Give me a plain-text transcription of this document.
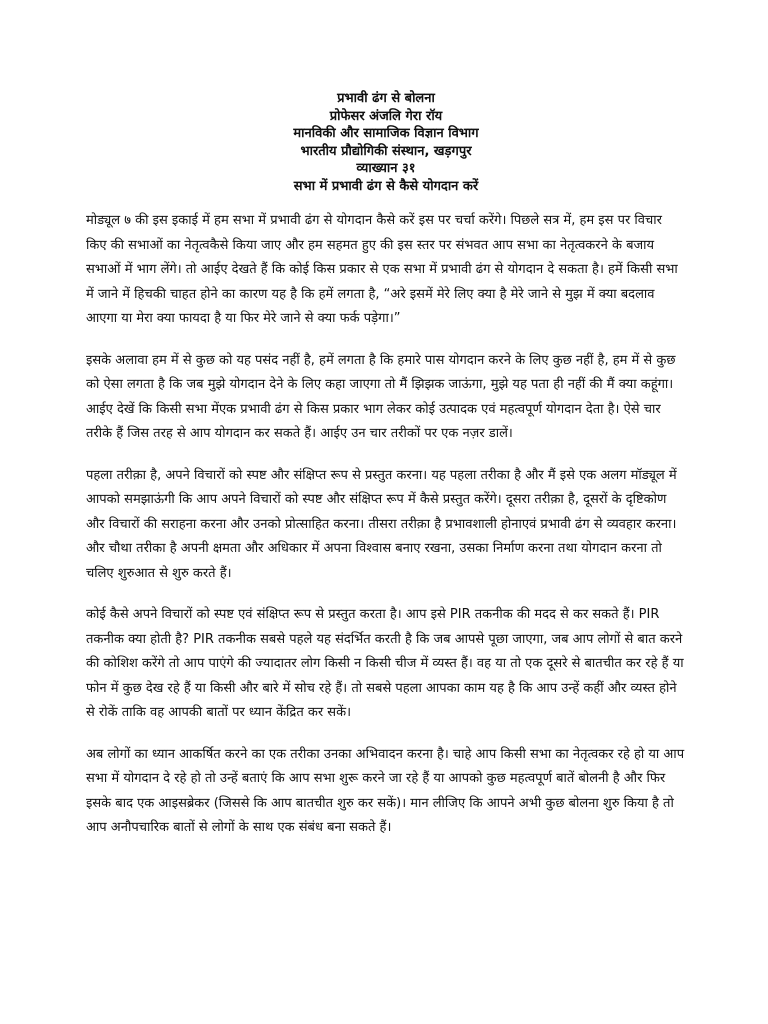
प्रभावी ढंग से बोलना
प्रोफेसर अंजलि गेरा रॉय
मानविकी और सामाजिक विज्ञान विभाग
भारतीय प्रौद्योगिकी संस्थान, खड़गपुर
व्याख्यान ३१
सभा में प्रभावी ढंग से कैसे योगदान करें

मोड्यूल ७ की इस इकाई में हम सभा में प्रभावी ढंग से योगदान कैसे करें इस पर चर्चा करेंगे। पिछले सत्र में, हम इस पर विचार किए की सभाओं का नेतृत्वकैसे किया जाए और हम सहमत हुए की इस स्तर पर संभवत आप सभा का नेतृत्वकरने के बजाय सभाओं में भाग लेंगे। तो आईए देखते हैं कि कोई किस प्रकार से एक सभा में प्रभावी ढंग से योगदान दे सकता है। हमें किसी सभा में जाने में हिचकी चाहत होने का कारण यह है कि हमें लगता है, “अरे इसमें मेरे लिए क्या है मेरे जाने से मुझ में क्या बदलाव आएगा या मेरा क्या फायदा है या फिर मेरे जाने से क्या फर्क पड़ेगा।”

इसके अलावा हम में से कुछ को यह पसंद नहीं है, हमें लगता है कि हमारे पास योगदान करने के लिए कुछ नहीं है, हम में से कुछ को ऐसा लगता है कि जब मुझे योगदान देने के लिए कहा जाएगा तो मैं झिझक जाऊंगा, मुझे यह पता ही नहीं की मैं क्या कहूंगा। आईए देखें कि किसी सभा मेंएक प्रभावी ढंग से किस प्रकार भाग लेकर कोई उत्पादक एवं महत्वपूर्ण योगदान देता है। ऐसे चार तरीके हैं जिस तरह से आप योगदान कर सकते हैं। आईए उन चार तरीकों पर एक नज़र डालें।

पहला तरीक़ा है, अपने विचारों को स्पष्ट और संक्षिप्त रूप से प्रस्तुत करना। यह पहला तरीका है और मैं इसे एक अलग मॉड्यूल में आपको समझाऊंगी कि आप अपने विचारों को स्पष्ट और संक्षिप्त रूप में कैसे प्रस्तुत करेंगे। दूसरा तरीक़ा है, दूसरों के दृष्टिकोण और विचारों की सराहना करना और उनको प्रोत्साहित करना। तीसरा तरीक़ा है प्रभावशाली होनाएवं प्रभावी ढंग से व्यवहार करना। और चौथा तरीका है अपनी क्षमता और अधिकार में अपना विश्वास बनाए रखना, उसका निर्माण करना तथा योगदान करना तो चलिए शुरुआत से शुरु करते हैं।

कोई कैसे अपने विचारों को स्पष्ट एवं संक्षिप्त रूप से प्रस्तुत करता है। आप इसे PIR तकनीक की मदद से कर सकते हैं। PIR तकनीक क्या होती है? PIR तकनीक सबसे पहले यह संदर्भित करती है कि जब आपसे पूछा जाएगा, जब आप लोगों से बात करने की कोशिश करेंगे तो आप पाएंगे की ज्यादातर लोग किसी न किसी चीज में व्यस्त हैं। वह या तो एक दूसरे से बातचीत कर रहे हैं या फोन में कुछ देख रहे हैं या किसी और बारे में सोच रहे हैं। तो सबसे पहला आपका काम यह है कि आप उन्हें कहीं और व्यस्त होने से रोकें ताकि वह आपकी बातों पर ध्यान केंद्रित कर सकें।

अब लोगों का ध्यान आकर्षित करने का एक तरीका उनका अभिवादन करना है। चाहे आप किसी सभा का नेतृत्वकर रहे हो या आप सभा में योगदान दे रहे हो तो उन्हें बताएं कि आप सभा शुरू करने जा रहे हैं या आपको कुछ महत्वपूर्ण बातें बोलनी है और फिर इसके बाद एक आइसब्रेकर (जिससे कि आप बातचीत शुरु कर सकें)। मान लीजिए कि आपने अभी कुछ बोलना शुरु किया है तो आप अनौपचारिक बातों से लोगों के साथ एक संबंध बना सकते हैं।
